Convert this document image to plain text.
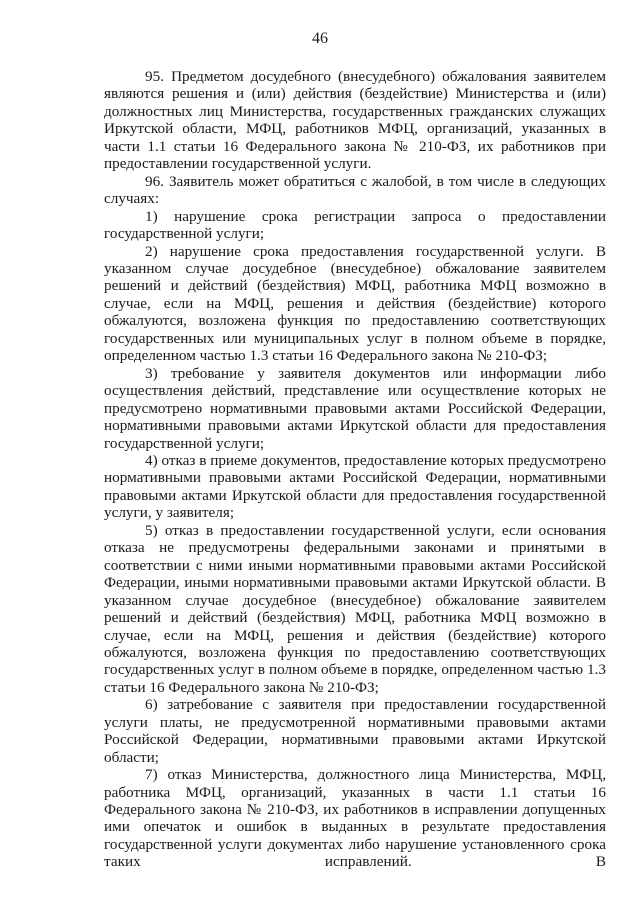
46

95. Предметом досудебного (внесудебного) обжалования заявителем являются решения и (или) действия (бездействие) Министерства и (или) должностных лиц Министерства, государственных гражданских служащих Иркутской области, МФЦ, работников МФЦ, организаций, указанных в части 1.1 статьи 16 Федерального закона № 210-ФЗ, их работников при предоставлении государственной услуги.

96. Заявитель может обратиться с жалобой, в том числе в следующих случаях:

1) нарушение срока регистрации запроса о предоставлении государственной услуги;

2) нарушение срока предоставления государственной услуги. В указанном случае досудебное (внесудебное) обжалование заявителем решений и действий (бездействия) МФЦ, работника МФЦ возможно в случае, если на МФЦ, решения и действия (бездействие) которого обжалуются, возложена функция по предоставлению соответствующих государственных или муниципальных услуг в полном объеме в порядке, определенном частью 1.3 статьи 16 Федерального закона № 210-ФЗ;

3) требование у заявителя документов или информации либо осуществления действий, представление или осуществление которых не предусмотрено нормативными правовыми актами Российской Федерации, нормативными правовыми актами Иркутской области для предоставления государственной услуги;

4) отказ в приеме документов, предоставление которых предусмотрено нормативными правовыми актами Российской Федерации, нормативными правовыми актами Иркутской области для предоставления государственной услуги, у заявителя;

5) отказ в предоставлении государственной услуги, если основания отказа не предусмотрены федеральными законами и принятыми в соответствии с ними иными нормативными правовыми актами Российской Федерации, иными нормативными правовыми актами Иркутской области. В указанном случае досудебное (внесудебное) обжалование заявителем решений и действий (бездействия) МФЦ, работника МФЦ возможно в случае, если на МФЦ, решения и действия (бездействие) которого обжалуются, возложена функция по предоставлению соответствующих государственных услуг в полном объеме в порядке, определенном частью 1.3 статьи 16 Федерального закона № 210-ФЗ;

6) затребование с заявителя при предоставлении государственной услуги платы, не предусмотренной нормативными правовыми актами Российской Федерации, нормативными правовыми актами Иркутской области;

7) отказ Министерства, должностного лица Министерства, МФЦ, работника МФЦ, организаций, указанных в части 1.1 статьи 16 Федерального закона № 210-ФЗ, их работников в исправлении допущенных ими опечаток и ошибок в выданных в результате предоставления государственной услуги документах либо нарушение установленного срока таких исправлений. В
